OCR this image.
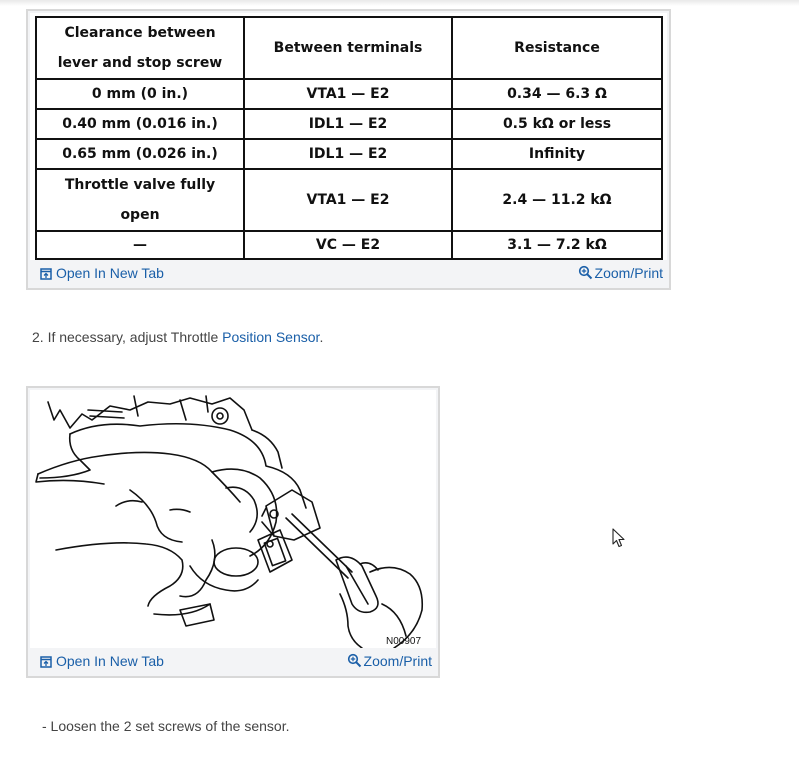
Clearance between lever and stop screw	Between terminals	Resistance
0 mm (0 in.)	VTA1 — E2	0.34 — 6.3 Ω
0.40 mm (0.016 in.)	IDL1 — E2	0.5 kΩ or less
0.65 mm (0.026 in.)	IDL1 — E2	Infinity
Throttle valve fully open	VTA1 — E2	2.4 — 11.2 kΩ
—	VC — E2	3.1 — 7.2 kΩ
Open In New Tab	Zoom/Print
2. If necessary, adjust Throttle Position Sensor.
N00907
Open In New Tab	Zoom/Print
- Loosen the 2 set screws of the sensor.
